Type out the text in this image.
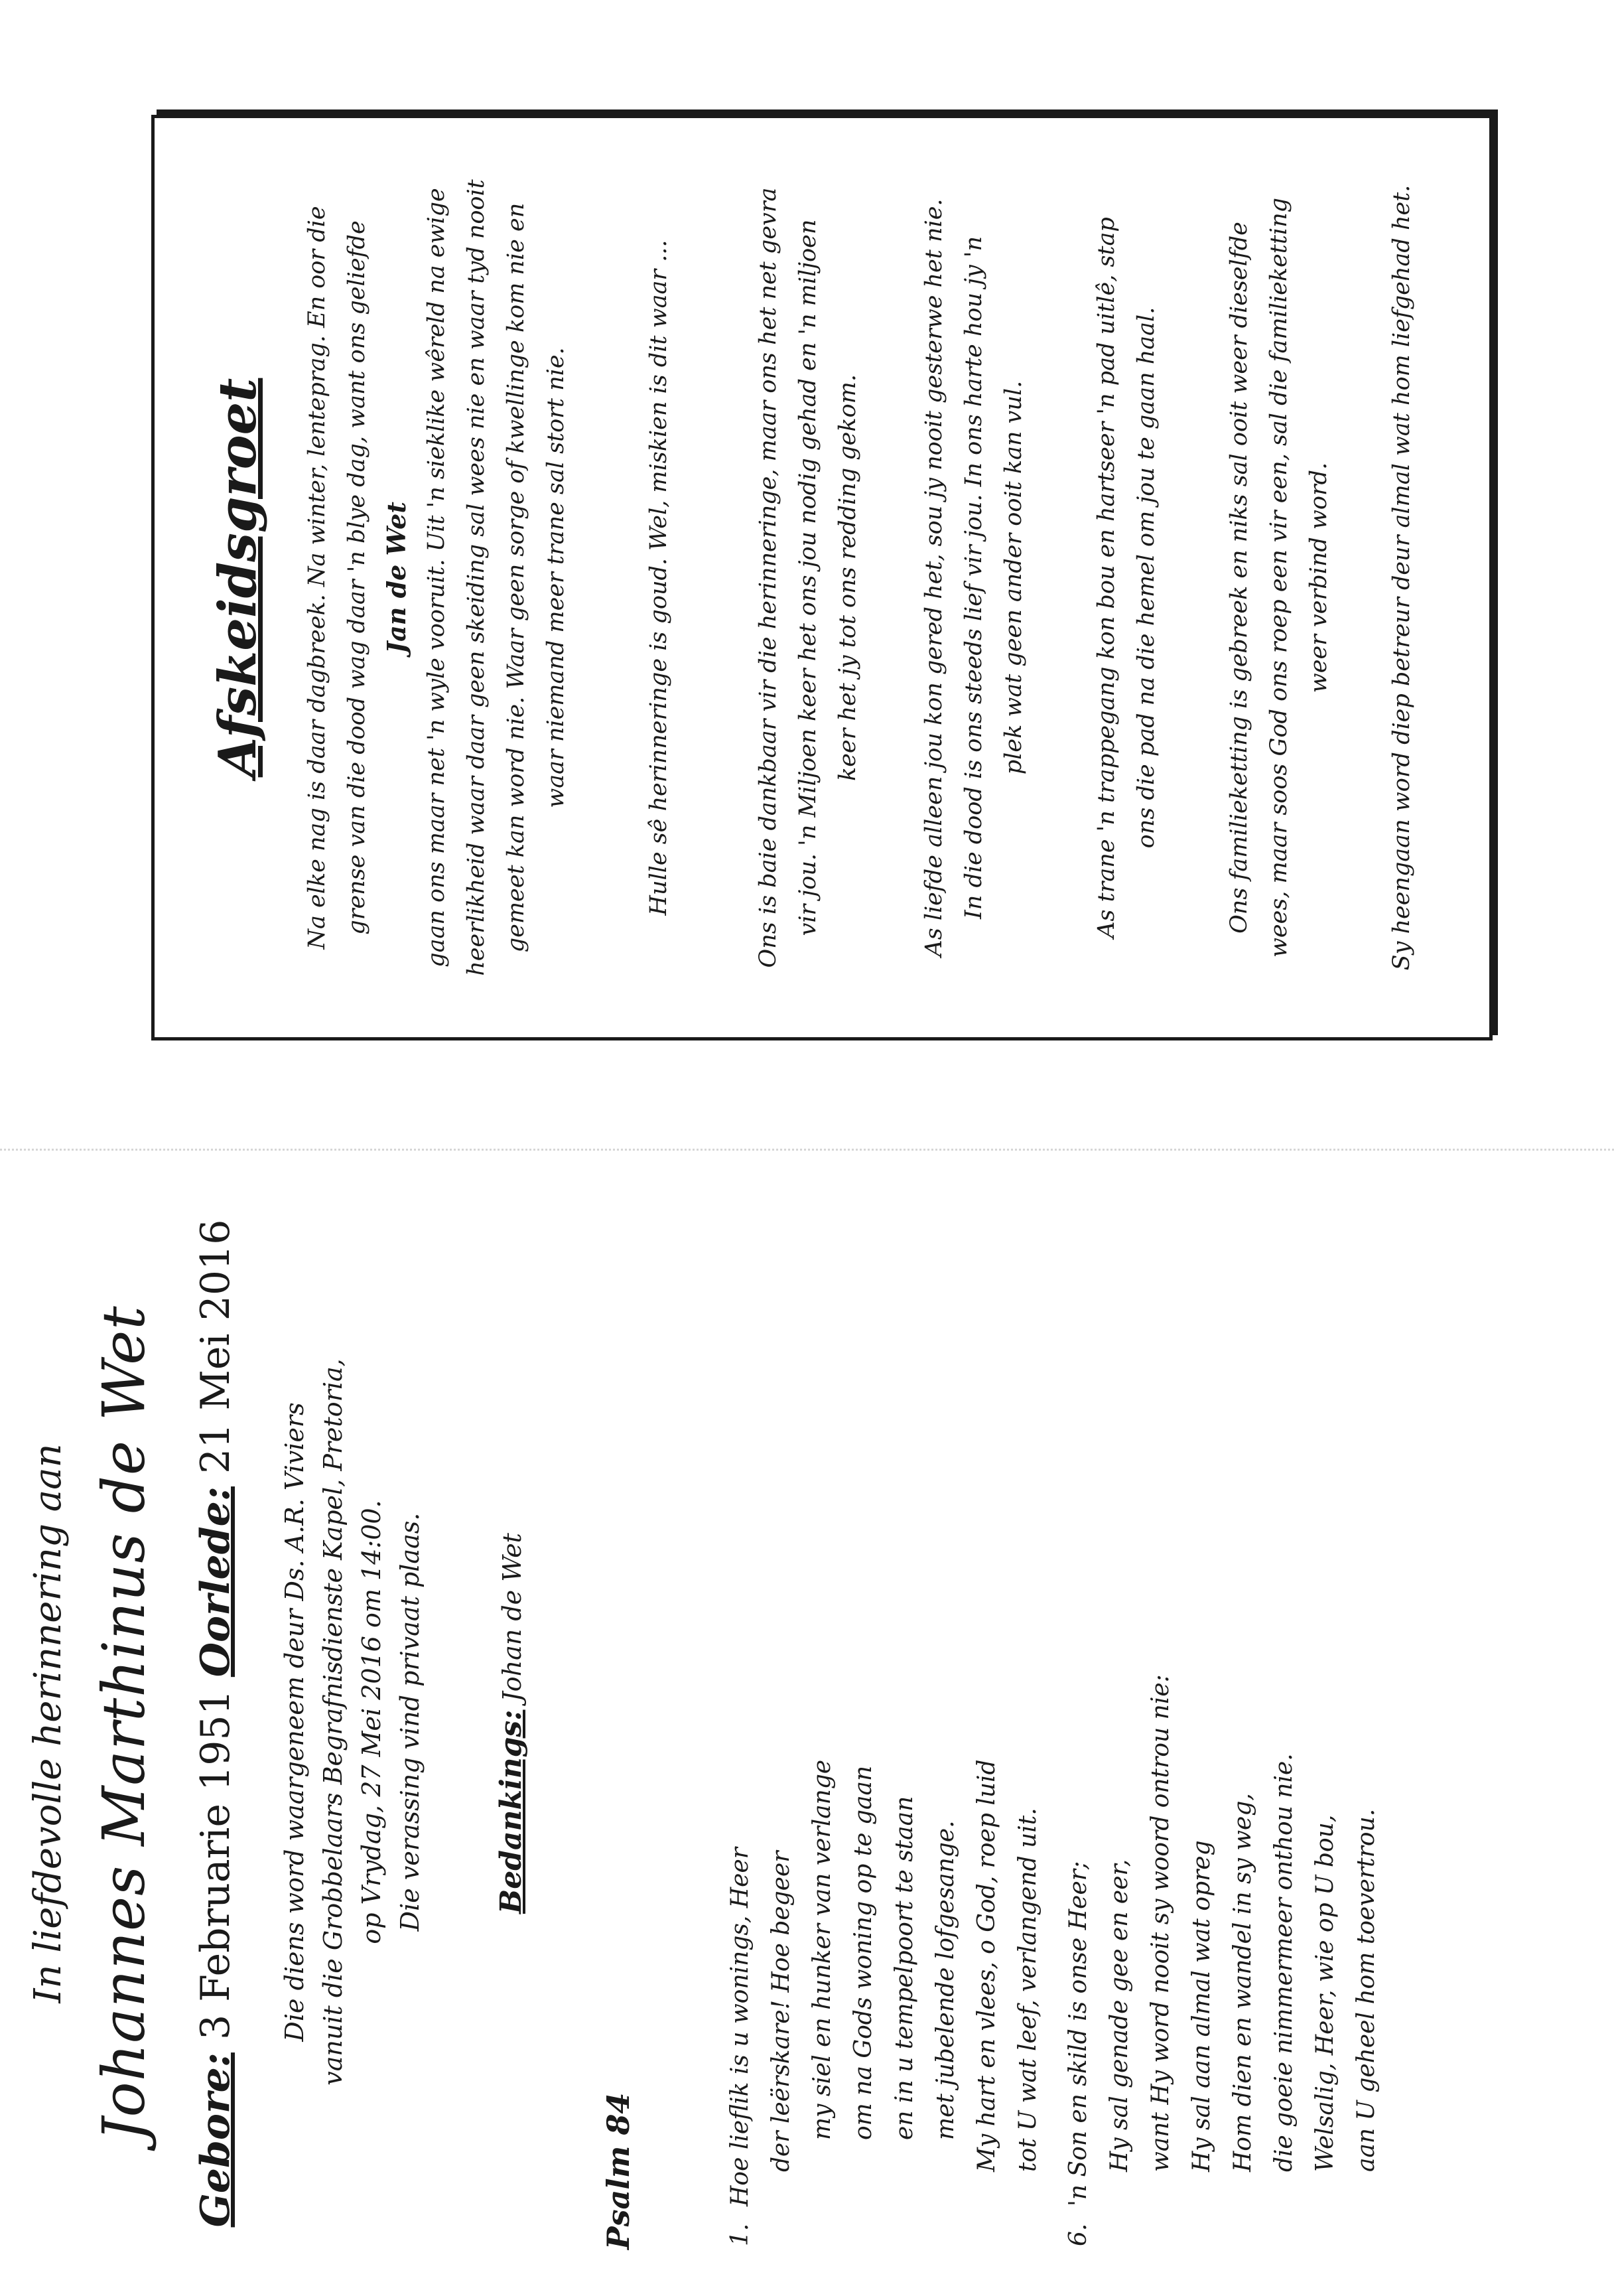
In liefdevolle herinnering aan Johannes Marthinus de Wet Gebore: 3 Februarie 1951 Oorlede: 21 Mei 2016
Die diens word waargeneem deur Ds. A.R. Viviers vanuit die Grobbelaars Begrafnisdienste Kapel, Pretoria, op Vrydag, 27 Mei 2016 om 14:00. Die verassing vind privaat plaas. Bedankings: Johan de Wet
Psalm 84	1.
Hoe lieflik is u wonings, Heer der leërskare! Hoe begeer my siel en hunker van verlange om na Gods woning op te gaan en in u tempelpoort te staan met jubelende lofgesange. My hart en vlees, o God, roep luid tot U wat leef, verlangend uit.
6.
'n Son en skild is onse Heer; Hy sal genade gee en eer, want Hy word nooit sy woord ontrou nie: Hy sal aan almal wat opreg Hom dien en wandel in sy weg, die goeie nimmermeer onthou nie. Welsalig, Heer, wie op U bou, aan U geheel hom toevertrou.
Afskeidsgroet Na elke nag is daar dagbreek. Na winter, lenteprag. En oor die grense van die dood wag daar 'n blye dag, want ons geliefde Jan de Wet gaan ons maar net 'n wyle vooruit. Uit 'n sieklike wêreld na ewige heerlikheid waar daar geen skeiding sal wees nie en waar tyd nooit gemeet kan word nie. Waar geen sorge of kwellinge kom nie en waar niemand meer trane sal stort nie.	Hulle sê herinneringe is goud. Wel, miskien is dit waar ...	Ons is baie dankbaar vir die herinneringe, maar ons het net gevra vir jou. 'n Miljoen keer het ons jou nodig gehad en 'n miljoen keer het jy tot ons redding gekom.	As liefde alleen jou kon gered het, sou jy nooit gesterwe het nie. In die dood is ons steeds lief vir jou. In ons harte hou jy 'n plek wat geen ander ooit kan vul.	As trane 'n trappegang kon bou en hartseer 'n pad uitlê, stap ons die pad na die hemel om jou te gaan haal.	Ons familieketting is gebreek en niks sal ooit weer dieselfde wees, maar soos God ons roep een vir een, sal die familieketting weer verbind word. Sy heengaan word diep betreur deur almal wat hom liefgehad het.
